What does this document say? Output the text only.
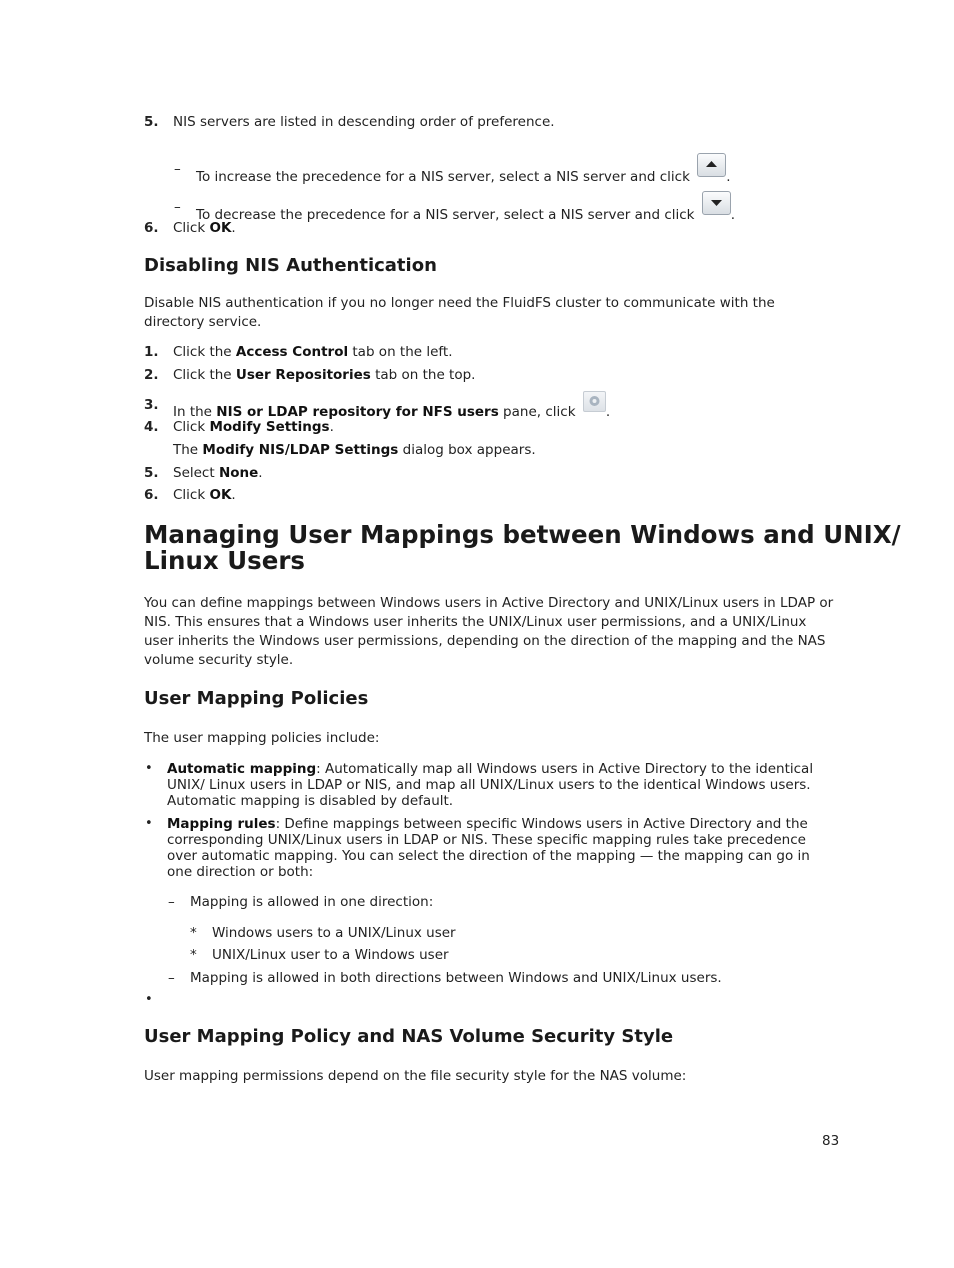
5. NIS servers are listed in descending order of preference.
– To increase the precedence for a NIS server, select a NIS server and click	.
– To decrease the precedence for a NIS server, select a NIS server and click	.
6. Click OK.
Disabling NIS Authentication
Disable NIS authentication if you no longer need the FluidFS cluster to communicate with the directory service.
1. Click the Access Control tab on the left.
2. Click the User Repositories tab on the top.
3. In the NIS or LDAP repository for NFS users pane, click .
4. Click Modify Settings.
The Modify NIS/LDAP Settings dialog box appears.
5. Select None.
6. Click OK.
Managing User Mappings between Windows and UNIX/
Linux Users
You can define mappings between Windows users in Active Directory and UNIX/Linux users in LDAP or NIS. This ensures that a Windows user inherits the UNIX/Linux user permissions, and a UNIX/Linux user inherits the Windows user permissions, depending on the direction of the mapping and the NAS volume security style.
User Mapping Policies
The user mapping policies include:
• Automatic mapping: Automatically map all Windows users in Active Directory to the identical UNIX/ Linux users in LDAP or NIS, and map all UNIX/Linux users to the identical Windows users. Automatic mapping is disabled by default.
• Mapping rules: Define mappings between specific Windows users in Active Directory and the corresponding UNIX/Linux users in LDAP or NIS. These specific mapping rules take precedence over automatic mapping. You can select the direction of the mapping — the mapping can go in one direction or both:
– Mapping is allowed in one direction:
* Windows users to a UNIX/Linux user
* UNIX/Linux user to a Windows user
– Mapping is allowed in both directions between Windows and UNIX/Linux users.
•
User Mapping Policy and NAS Volume Security Style
User mapping permissions depend on the file security style for the NAS volume:
83
